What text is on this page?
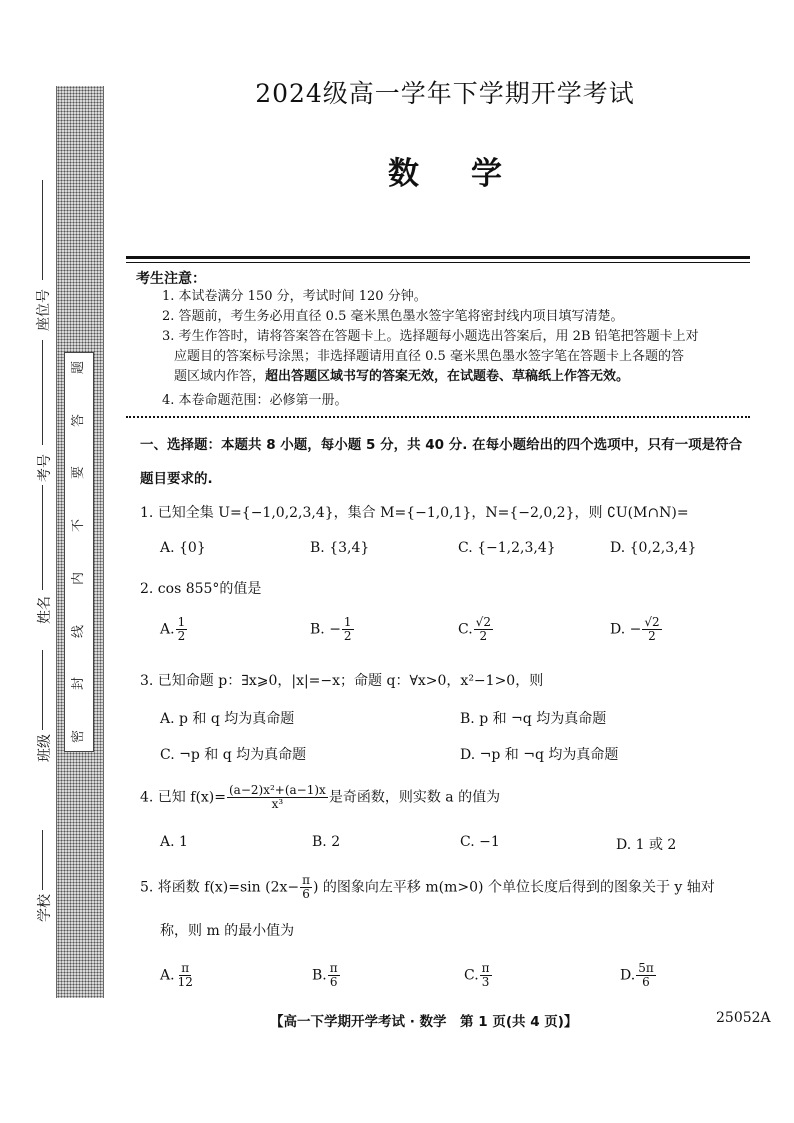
题
答
要
不
内
线
封
密
学校
班级
姓名
考号
座位号
2024级高一学年下学期开学考试
数学
考生注意：
1. 本试卷满分 150 分，考试时间 120 分钟。
2. 答题前，考生务必用直径 0.5 毫米黑色墨水签字笔将密封线内项目填写清楚。
3. 考生作答时，请将答案答在答题卡上。选择题每小题选出答案后，用 2B 铅笔把答题卡上对
应题目的答案标号涂黑；非选择题请用直径 0.5 毫米黑色墨水签字笔在答题卡上各题的答
题区域内作答，超出答题区域书写的答案无效，在试题卷、草稿纸上作答无效。
4. 本卷命题范围：必修第一册。
一、选择题：本题共 8 小题，每小题 5 分，共 40 分. 在每小题给出的四个选项中，只有一项是符合
题目要求的.
1. 已知全集 U={−1,0,2,3,4}，集合 M={−1,0,1}，N={−2,0,2}，则 ∁U(M∩N)=
A. {0}	B. {3,4}	C. {−1,2,3,4}	D. {0,2,3,4}
2. cos 855°的值是
A. $\frac{1}{2}$	B. − $\frac{1}{2}$	C. $\frac{√2}{2}$	D. − $\frac{√2}{2}$
3. 已知命题 p：∃x⩾0，|x|=−x；命题 q：∀x>0，x²−1>0，则
A. p 和 q 均为真命题	B. p 和 ¬q 均为真命题
C. ¬p 和 q 均为真命题	D. ¬p 和 ¬q 均为真命题
4. 已知 $f(x)= \frac{\text{(a−2)x²+(a−1)x}}{\text{x³}}$ 是奇函数，则实数 a 的值为
A. 1	B. 2	C. −1	D. 1 或 2
5. 将函数 f(x)=sin ($2x- \frac{\pi}{6}$ ) 的图象向左平移 m(m>0) 个单位长度后得到的图象关于 y 轴对
称，则 m 的最小值为
A. $\frac{\pi}{12}$	B. $\frac{\pi}{6}$	C. $\frac{\pi}{3}$	D. $\frac{5\pi}{6}$
【高一下学期开学考试 · 数学　第 1 页(共 4 页)】	25052A
